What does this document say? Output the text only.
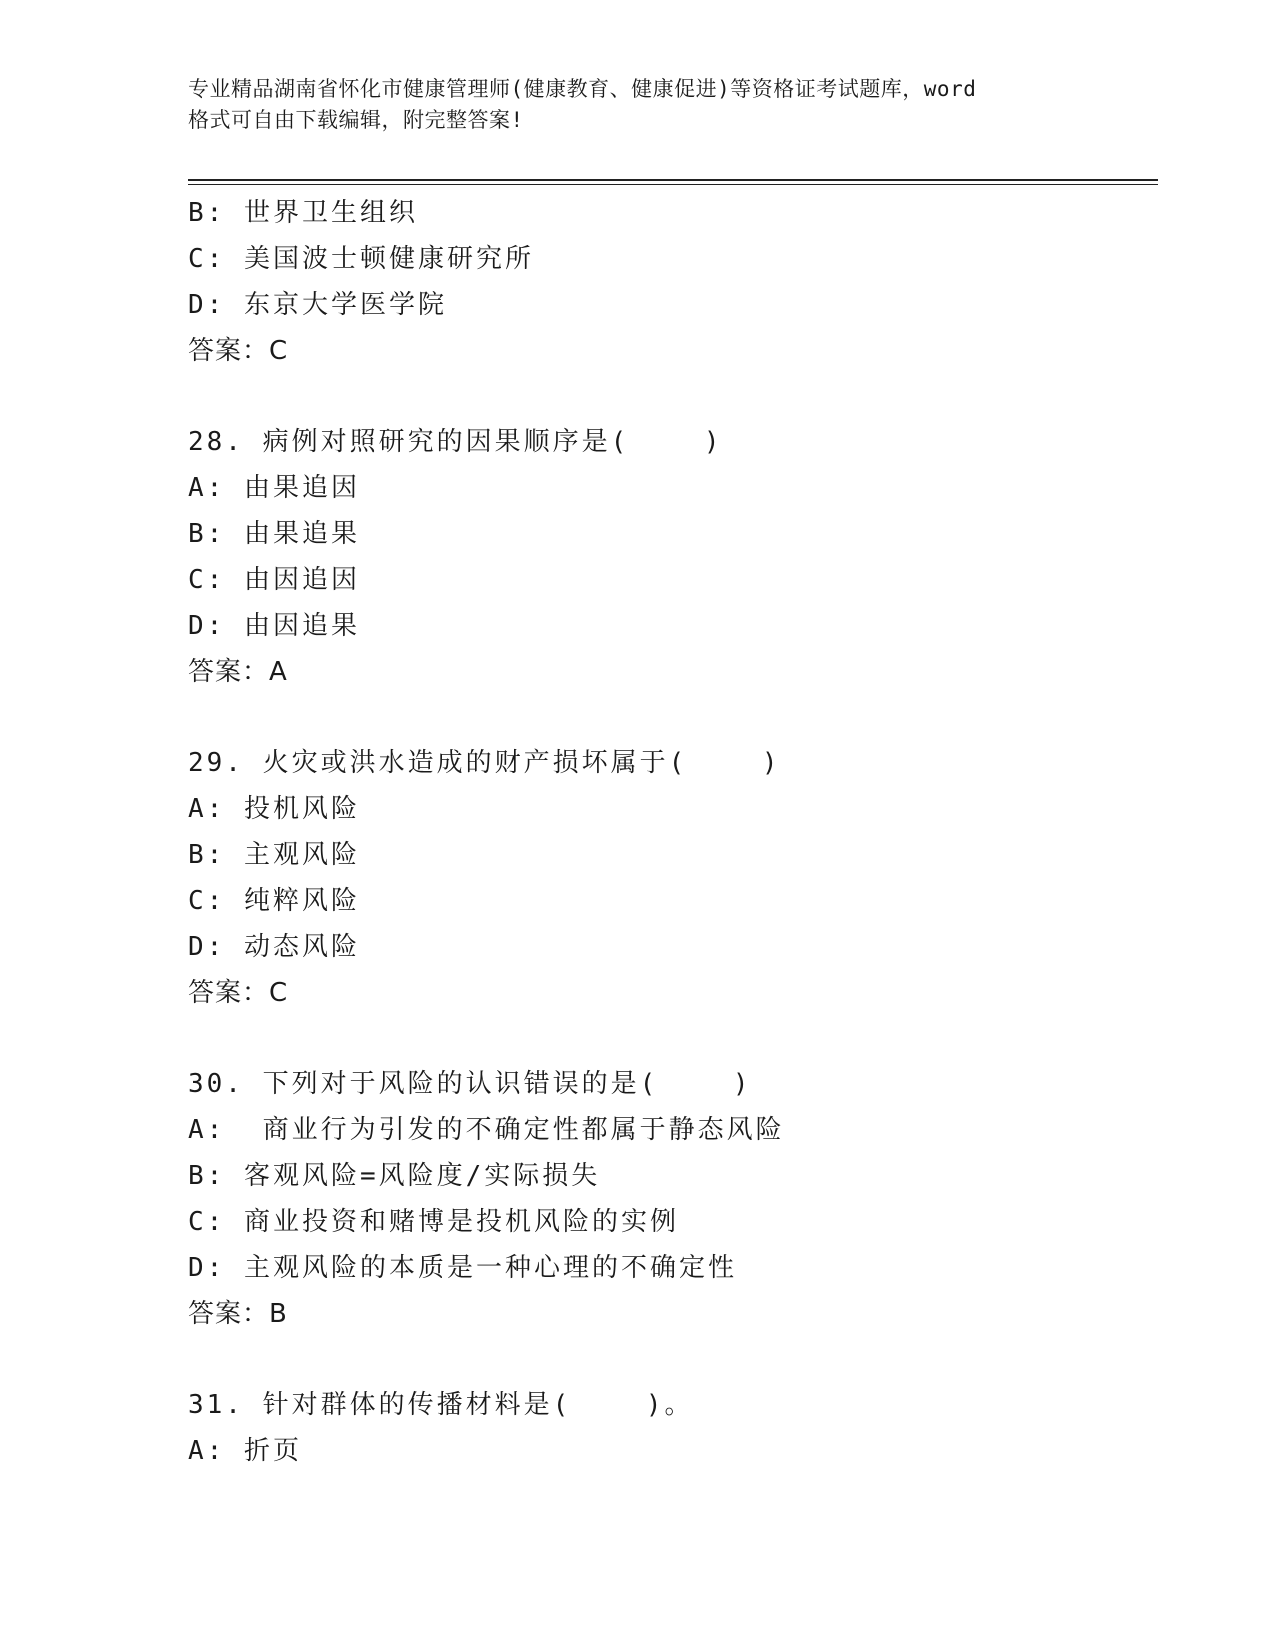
专业精品湖南省怀化市健康管理师(健康教育、健康促进)等资格证考试题库，word
格式可自由下载编辑，附完整答案!
B: 世界卫生组织
C: 美国波士顿健康研究所
D: 东京大学医学院
答案：C
28. 病例对照研究的因果顺序是(    )
A: 由果追因
B: 由果追果
C: 由因追因
D: 由因追果
答案：A
29. 火灾或洪水造成的财产损坏属于(    )
A: 投机风险
B: 主观风险
C: 纯粹风险
D: 动态风险
答案：C
30. 下列对于风险的认识错误的是(    )
A:  商业行为引发的不确定性都属于静态风险
B: 客观风险=风险度/实际损失
C: 商业投资和赌博是投机风险的实例
D: 主观风险的本质是一种心理的不确定性
答案：B
31. 针对群体的传播材料是(    )。
A: 折页
